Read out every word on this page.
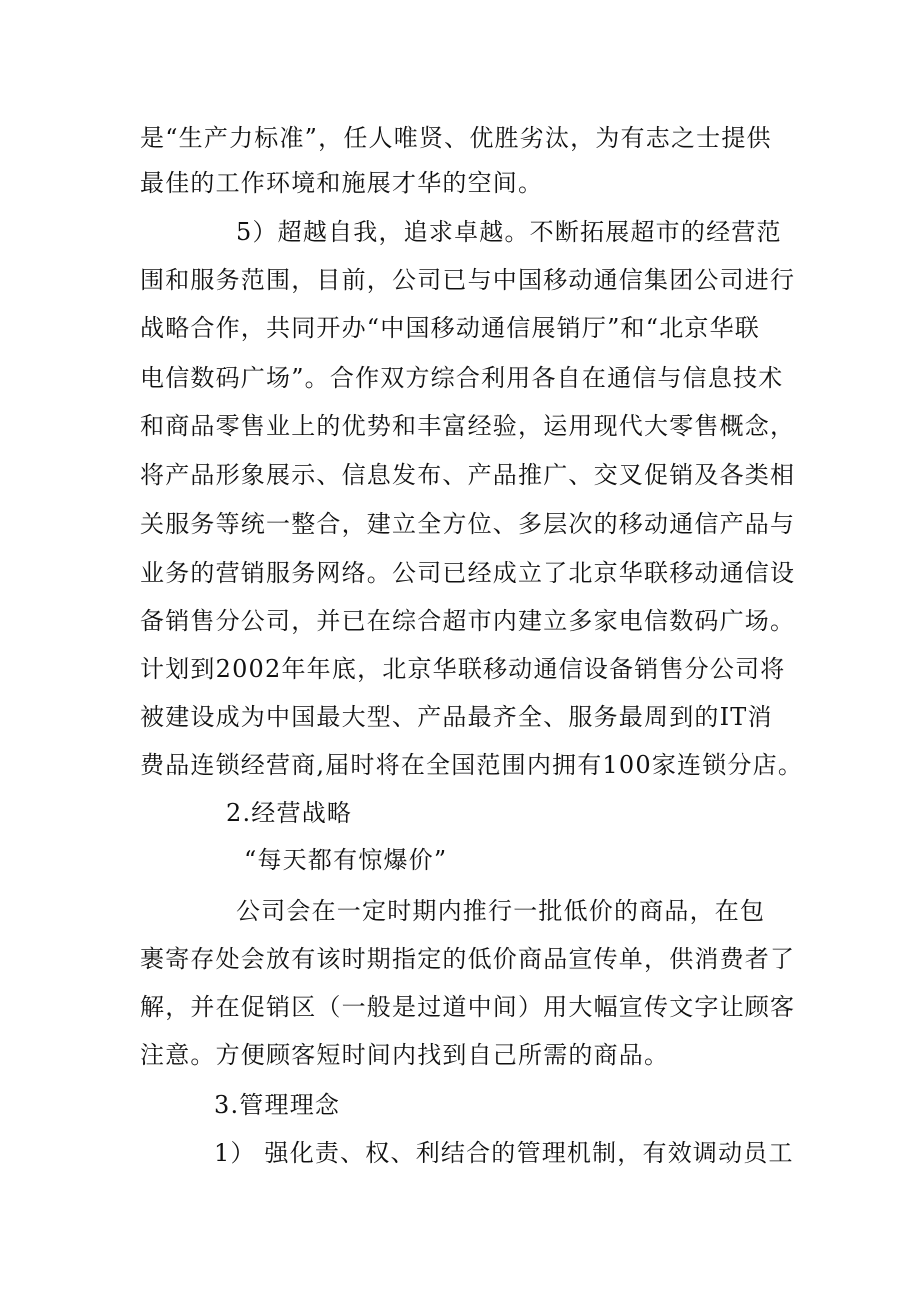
是“生产力标准”，任人唯贤、优胜劣汰，为有志之士提供
最佳的工作环境和施展才华的空间。
5）超越自我，追求卓越。不断拓展超市的经营范
围和服务范围，目前，公司已与中国移动通信集团公司进行
战略合作，共同开办“中国移动通信展销厅”和“北京华联
电信数码广场”。合作双方综合利用各自在通信与信息技术
和商品零售业上的优势和丰富经验，运用现代大零售概念，
将产品形象展示、信息发布、产品推广、交叉促销及各类相
关服务等统一整合，建立全方位、多层次的移动通信产品与
业务的营销服务网络。公司已经成立了北京华联移动通信设
备销售分公司，并已在综合超市内建立多家电信数码广场。
计划到2002年年底，北京华联移动通信设备销售分公司将
被建设成为中国最大型、产品最齐全、服务最周到的IT消
费品连锁经营商,届时将在全国范围内拥有100家连锁分店。
2.经营战略
“每天都有惊爆价”
公司会在一定时期内推行一批低价的商品，在包
裹寄存处会放有该时期指定的低价商品宣传单，供消费者了
解，并在促销区（一般是过道中间）用大幅宣传文字让顾客
注意。方便顾客短时间内找到自己所需的商品。
3.管理理念
1） 强化责、权、利结合的管理机制，有效调动员工
